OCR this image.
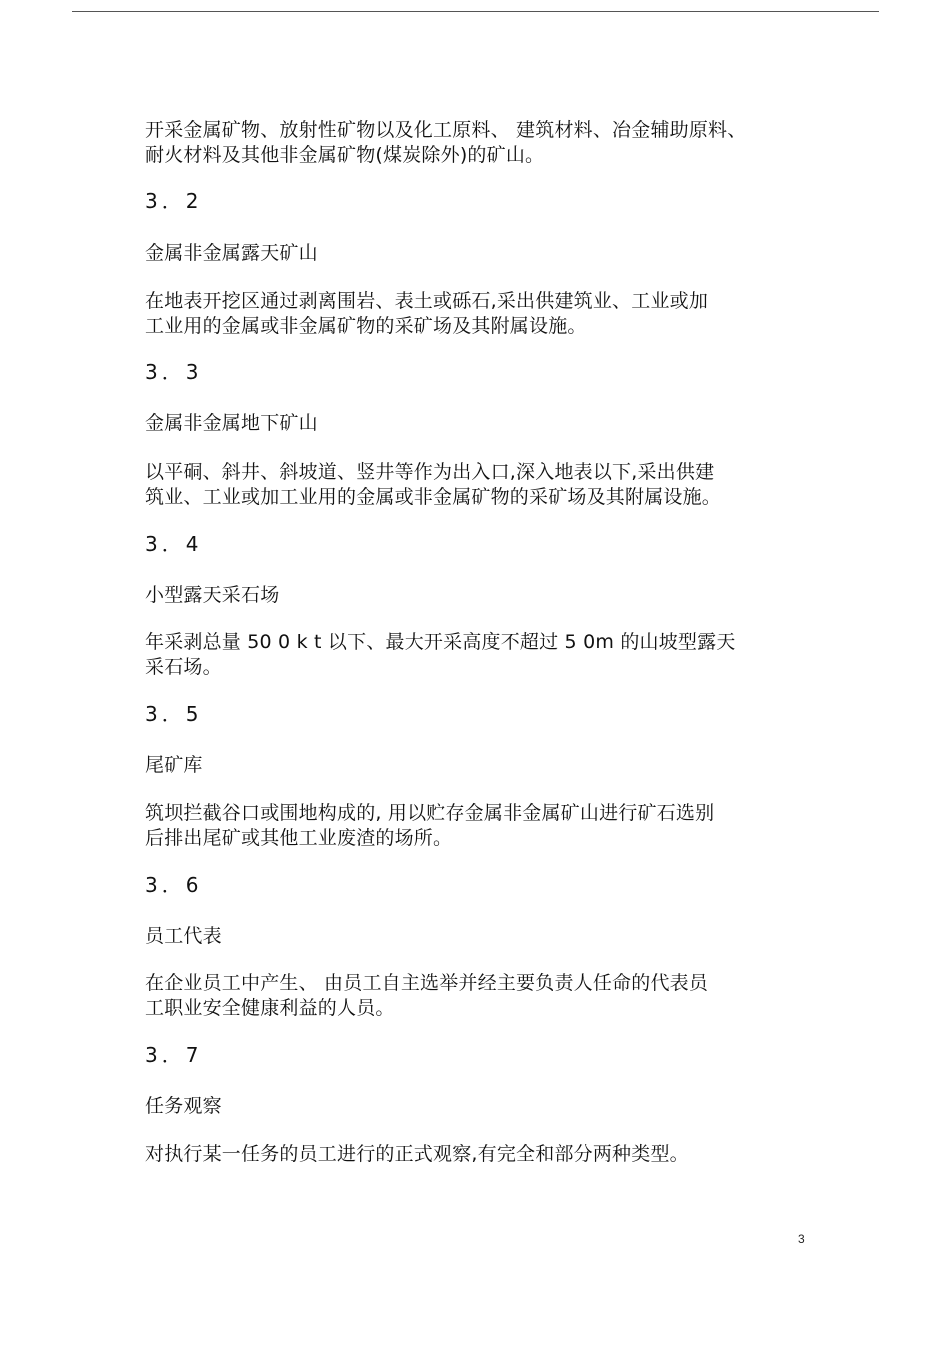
开采金属矿物、放射性矿物以及化工原料、 建筑材料、冶金辅助原料、
耐火材料及其他非金属矿物(煤炭除外)的矿山。
3．2
金属非金属露天矿山
在地表开挖区通过剥离围岩、表土或砾石,采出供建筑业、工业或加
工业用的金属或非金属矿物的采矿场及其附属设施。
3．3
金属非金属地下矿山
以平硐、斜井、斜坡道、竖井等作为出入口,深入地表以下,采出供建
筑业、工业或加工业用的金属或非金属矿物的采矿场及其附属设施。
3．4
小型露天采石场
年采剥总量 50 0 k t 以下、最大开采高度不超过 5 0m 的山坡型露天
采石场。
3．5
尾矿库
筑坝拦截谷口或围地构成的, 用以贮存金属非金属矿山进行矿石选别
后排出尾矿或其他工业废渣的场所。
3．6
员工代表
在企业员工中产生、 由员工自主选举并经主要负责人任命的代表员
工职业安全健康利益的人员。
3．7
任务观察
对执行某一任务的员工进行的正式观察,有完全和部分两种类型。
3
